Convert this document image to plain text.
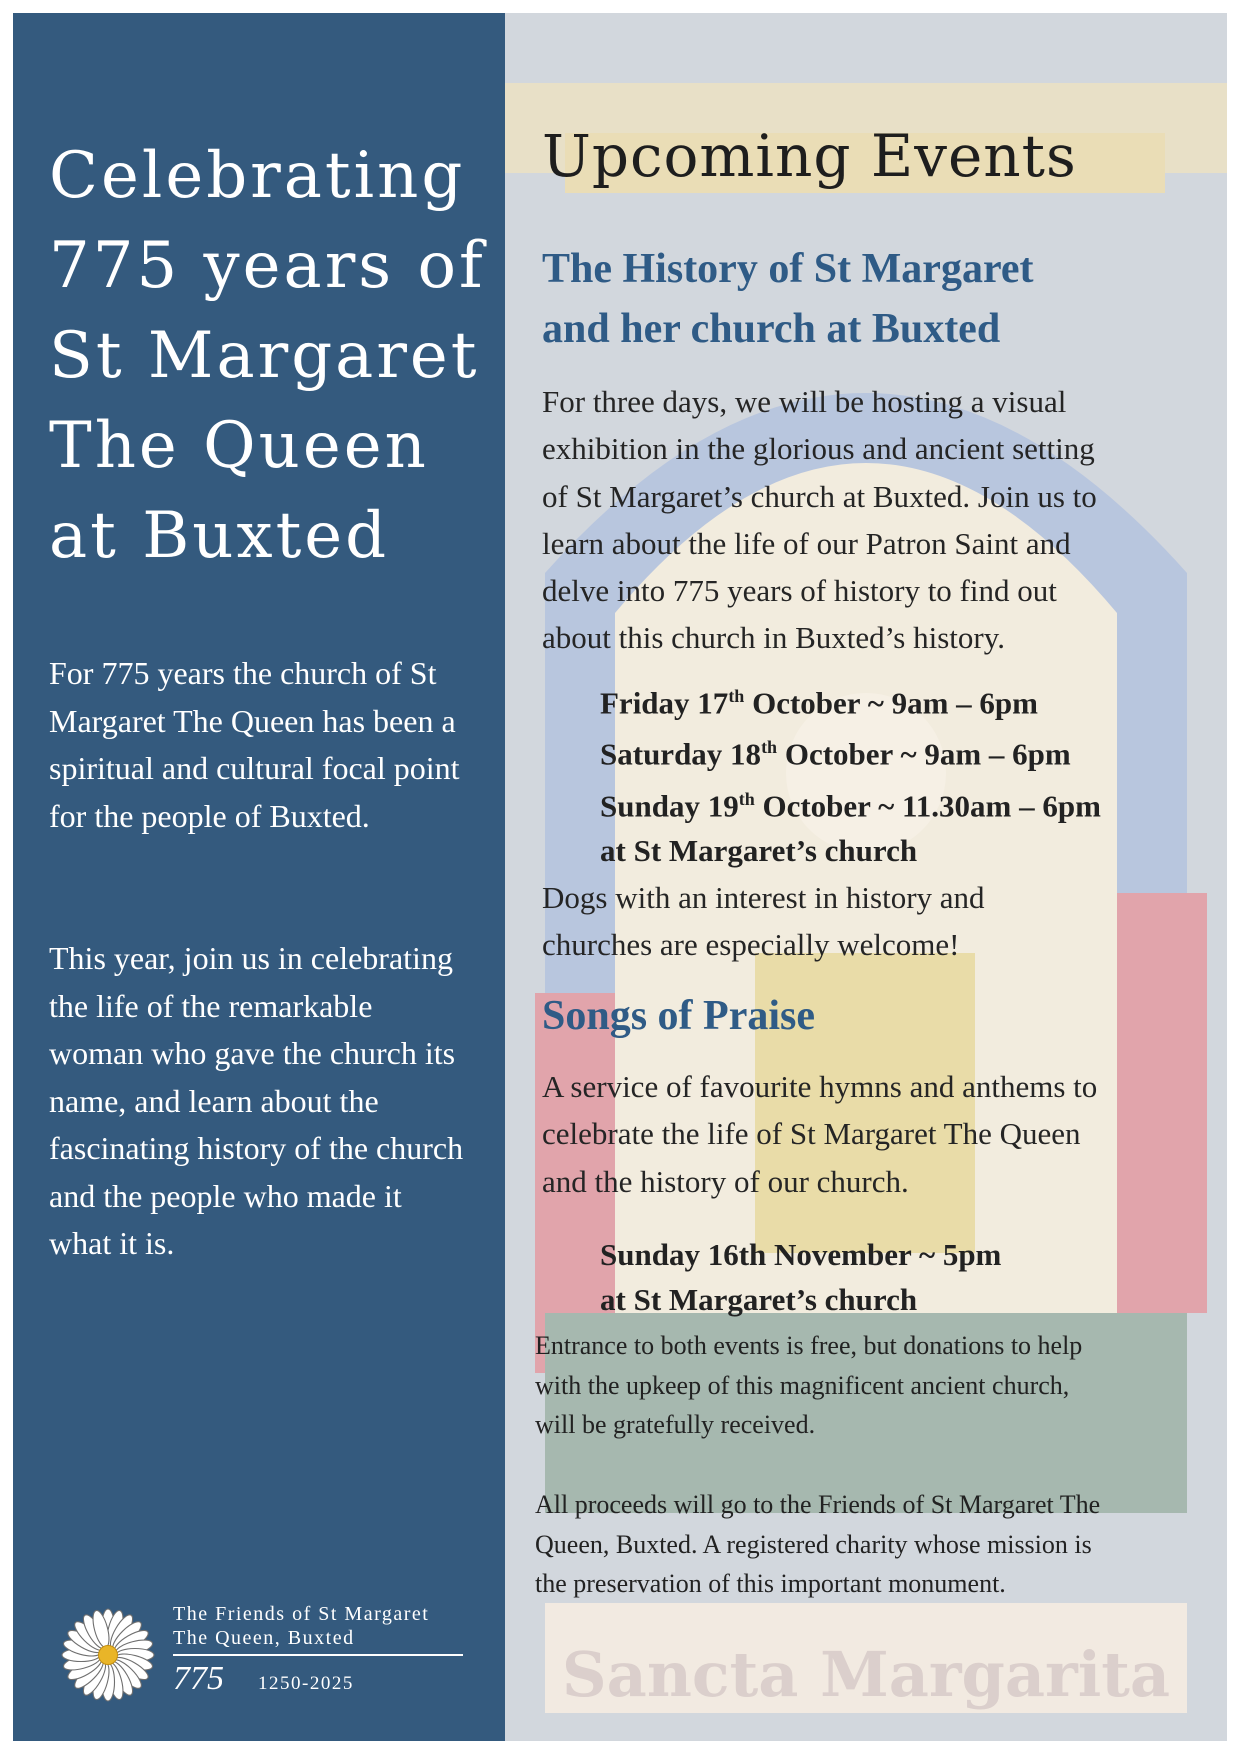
Celebrating
775 years of
St Margaret
The Queen
at Buxted

For 775 years the church of St Margaret The Queen has been a spiritual and cultural focal point for the people of Buxted.

This year, join us in celebrating the life of the remarkable woman who gave the church its name, and learn about the fascinating history of the church and the people who made it what it is.

The Friends of St Margaret
The Queen, Buxted

775 1250-2025	Sancta Margarita
Upcoming Events
The History of St Margaret
and her church at Buxted

For three days, we will be hosting a visual
exhibition in the glorious and ancient setting
of St Margaret’s church at Buxted. Join us to
learn about the life of our Patron Saint and
delve into 775 years of history to find out
about this church in Buxted’s history.

Friday 17th October ~ 9am – 6pm
Saturday 18th October ~ 9am – 6pm
Sunday 19th October ~ 11.30am – 6pm
at St Margaret’s church

Dogs with an interest in history and
churches are especially welcome!

Songs of Praise

A service of favourite hymns and anthems to
celebrate the life of St Margaret The Queen
and the history of our church.

Sunday 16th November ~ 5pm
at St Margaret’s church

Entrance to both events is free, but donations to help
with the upkeep of this magnificent ancient church,
will be gratefully received.

All proceeds will go to the Friends of St Margaret The
Queen, Buxted. A registered charity whose mission is
the preservation of this important monument.
